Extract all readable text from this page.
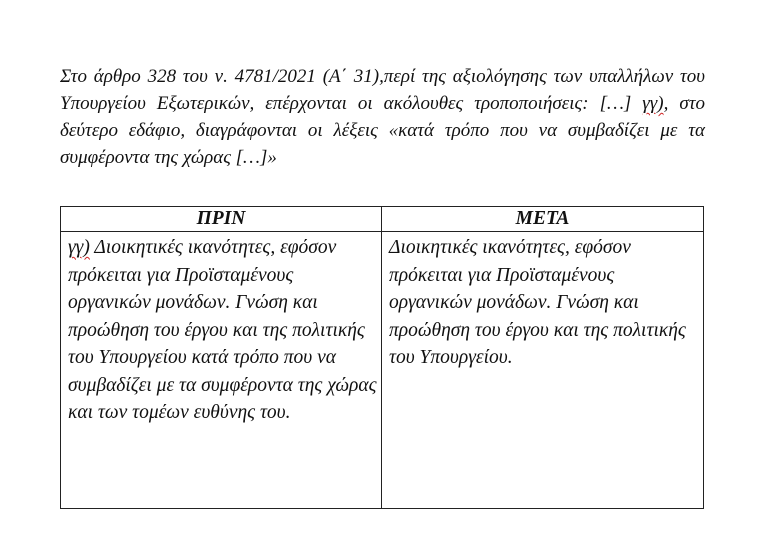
Στο άρθρο 328 του ν. 4781/2021 (Α΄ 31),περί της αξιολόγησης των υπαλλήλων του Υπουργείου Εξωτερικών, επέρχονται οι ακόλουθες τροποποιήσεις: […] γγ), στο δεύτερο εδάφιο, διαγράφονται οι λέξεις «κατά τρόπο που να συμβαδίζει με τα συμφέροντα της χώρας […]»

ΠΡΙΝ	ΜΕΤΑ
γγ) Διοικητικές ικανότητες, εφόσον πρόκειται για Προϊσταμένους οργανικών μονάδων. Γνώση και προώθηση του έργου και της πολιτικής του Υπουργείου κατά τρόπο που να συμβαδίζει με τα συμφέροντα της χώρας και των τομέων ευθύνης του.	Διοικητικές ικανότητες, εφόσον πρόκειται για Προϊσταμένους οργανικών μονάδων. Γνώση και προώθηση του έργου και της πολιτικής του Υπουργείου.
